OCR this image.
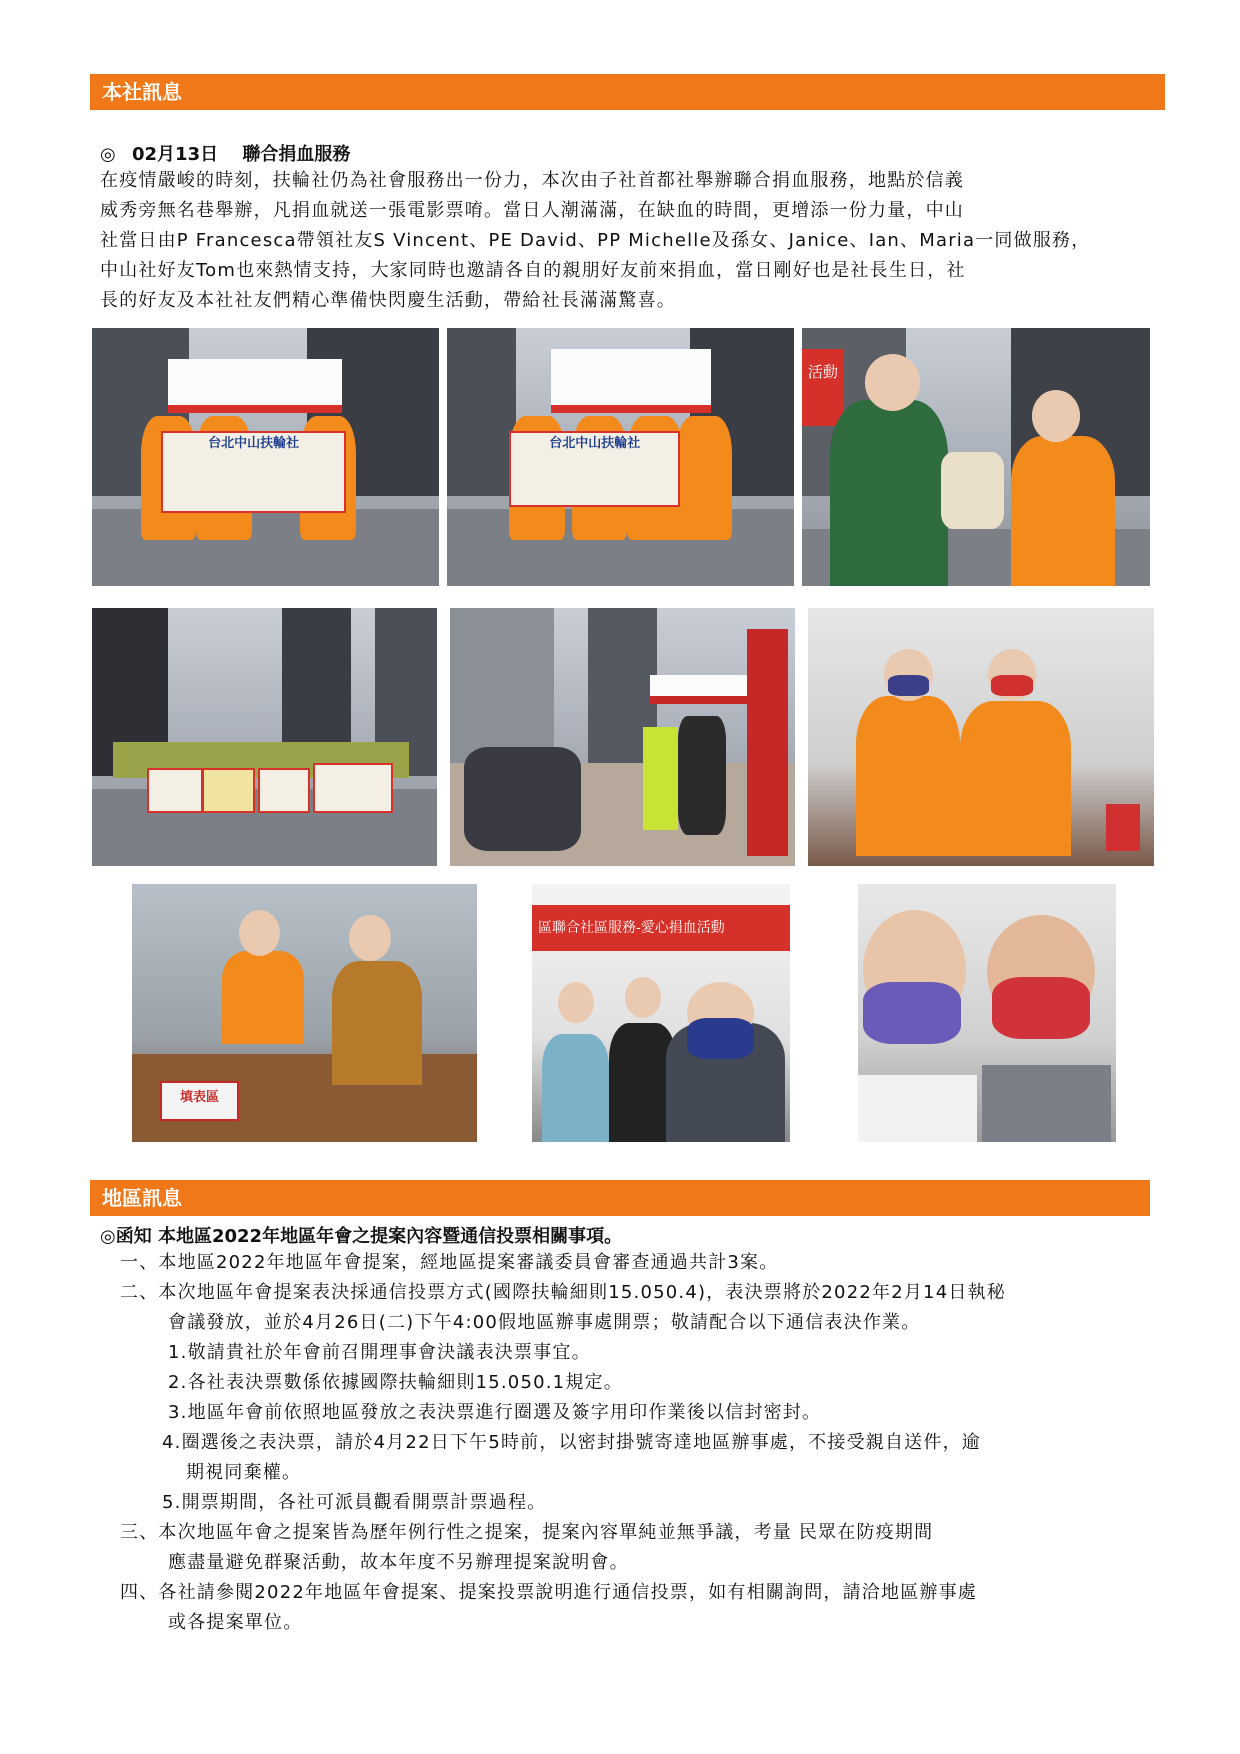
本社訊息
◎ 02月13日 聯合捐血服務
在疫情嚴峻的時刻，扶輪社仍為社會服務出一份力，本次由子社首都社舉辦聯合捐血服務，地點於信義
威秀旁無名巷舉辦，凡捐血就送一張電影票唷。當日人潮滿滿，在缺血的時間，更增添一份力量，中山
社當日由P Francesca帶領社友S Vincent、PE David、PP Michelle及孫女、Janice、Ian、Maria一同做服務，
中山社好友Tom也來熱情支持，大家同時也邀請各自的親朋好友前來捐血，當日剛好也是社長生日，社
長的好友及本社社友們精心準備快閃慶生活動，帶給社長滿滿驚喜。
台北中山扶輪社	台北中山扶輪社
活動
填表區
區聯合社區服務-愛心捐血活動
地區訊息
◎函知 本地區2022年地區年會之提案內容暨通信投票相關事項。
一、本地區2022年地區年會提案，經地區提案審議委員會審查通過共計3案。
二、本次地區年會提案表決採通信投票方式(國際扶輪細則15.050.4)，表決票將於2022年2月14日執秘
會議發放，並於4月26日(二)下午4:00假地區辦事處開票；敬請配合以下通信表決作業。
1.敬請貴社於年會前召開理事會決議表決票事宜。
2.各社表決票數係依據國際扶輪細則15.050.1規定。
3.地區年會前依照地區發放之表決票進行圈選及簽字用印作業後以信封密封。
4.圈選後之表決票，請於4月22日下午5時前，以密封掛號寄達地區辦事處，不接受親自送件，逾
期視同棄權。
5.開票期間，各社可派員觀看開票計票過程。
三、本次地區年會之提案皆為歷年例行性之提案，提案內容單純並無爭議，考量 民眾在防疫期間
應盡量避免群聚活動，故本年度不另辦理提案說明會。
四、各社請參閱2022年地區年會提案、提案投票說明進行通信投票，如有相關詢問，請洽地區辦事處
或各提案單位。
